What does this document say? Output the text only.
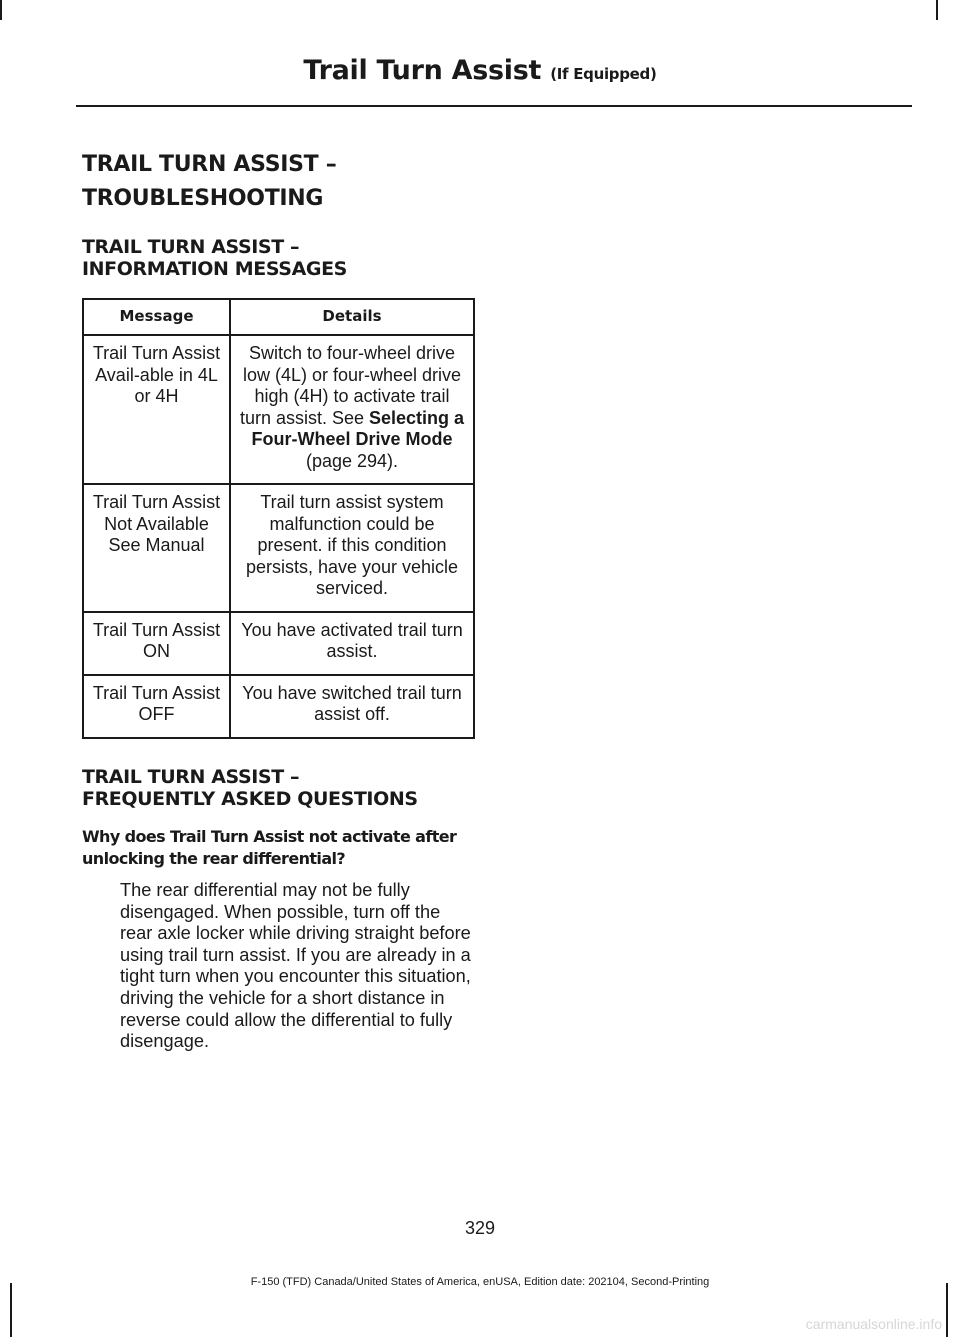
Trail Turn Assist (If Equipped)
TRAIL TURN ASSIST –
TROUBLESHOOTING
TRAIL TURN ASSIST –
INFORMATION MESSAGES
Message	Details
Trail Turn Assist Avail-able in 4L or 4H	Switch to four-wheel drive low (4L) or four-wheel drive high (4H) to activate trail turn assist. See Selecting a Four-Wheel Drive Mode (page 294).
Trail Turn Assist Not Available See Manual	Trail turn assist system malfunction could be present. if this condition persists, have your vehicle serviced.
Trail Turn Assist ON	You have activated trail turn assist.
Trail Turn Assist OFF	You have switched trail turn assist off.
TRAIL TURN ASSIST –
FREQUENTLY ASKED QUESTIONS
Why does Trail Turn Assist not activate after unlocking the rear differential?
The rear differential may not be fully disengaged. When possible, turn off the rear axle locker while driving straight before using trail turn assist. If you are already in a tight turn when you encounter this situation, driving the vehicle for a short distance in reverse could allow the differential to fully disengage.
329
F-150 (TFD) Canada/United States of America, enUSA, Edition date: 202104, Second-Printing
carmanualsonline.info
